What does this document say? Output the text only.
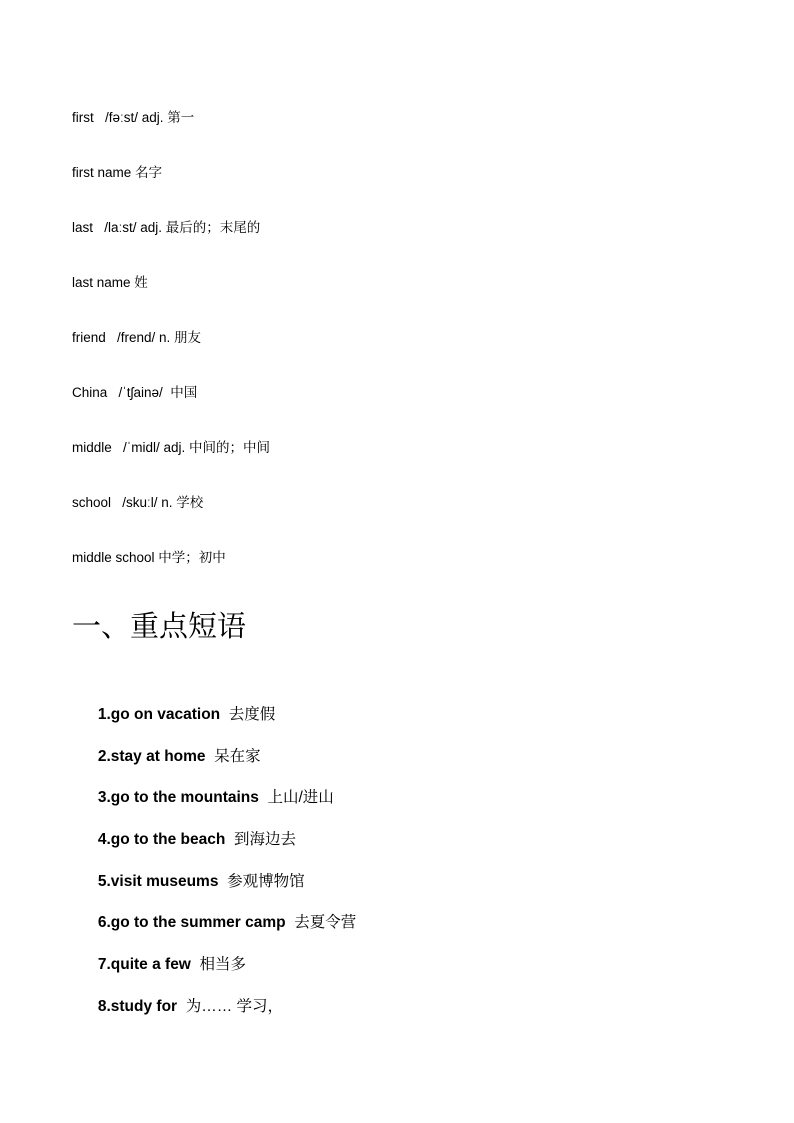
first   /fəːst/ adj. 第一
first name 名字
last   /laːst/ adj. 最后的；末尾的
last name 姓
friend   /frend/ n. 朋友
China   /ˈtʃainə/  中国
middle   /ˈmidl/ adj. 中间的；中间
school   /skuːl/ n. 学校
middle school 中学；初中
一、重点短语

1.go on vacation 去度假

2.stay at home 呆在家

3.go to the mountains 上山/进山

4.go to the beach 到海边去

5.visit museums 参观博物馆

6.go to the summer camp 去夏令营

7.quite a few 相当多

8.study for 为…… 学习，
